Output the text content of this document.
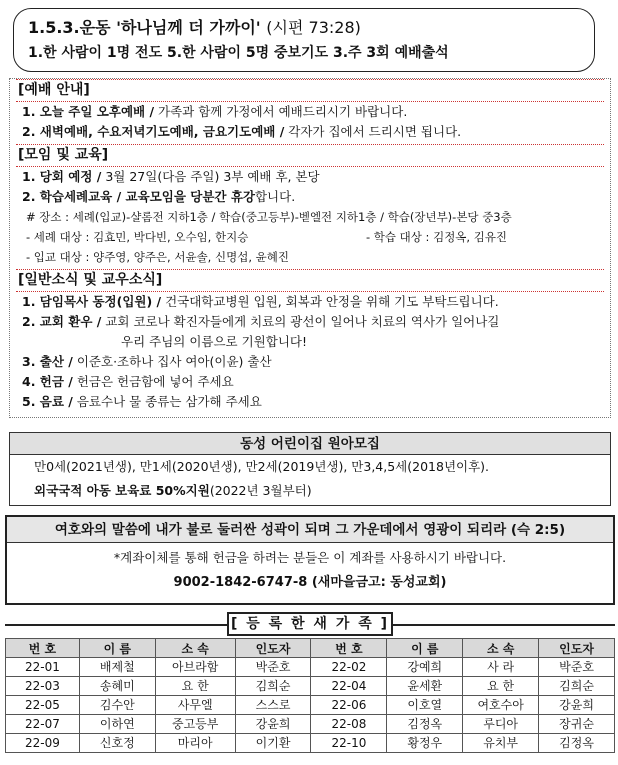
1.5.3.운동 '하나님께 더 가까이' (시편 73:28)
1.한 사람이 1명 전도 5.한 사람이 5명 중보기도 3.주 3회 예배출석
[예배 안내]
1. 오늘 주일 오후예배 / 가족과 함께 가정에서 예배드리시기 바랍니다.
2. 새벽예배, 수요저녁기도예배, 금요기도예배 / 각자가 집에서 드리시면 됩니다.
[모임 및 교육]
1. 당회 예정 / 3월 27일(다음 주일) 3부 예배 후, 본당
2. 학습세례교육 / 교육모임을 당분간 휴강합니다.
# 장소 : 세례(입교)-샬롬전 지하1층 / 학습(중고등부)-벧엘전 지하1층 / 학습(장년부)-본당 중3층
- 세례 대상 : 김효민, 박다빈, 오수임, 한지승	- 학습 대상 : 김정옥, 김유진
- 입교 대상 : 양주영, 양주은, 서윤솔, 신명섭, 윤혜진
[일반소식 및 교우소식]
1. 담임목사 동정(입원) / 건국대학교병원 입원, 회복과 안정을 위해 기도 부탁드립니다.
2. 교회 환우 / 교회 코로나 확진자들에게 치료의 광선이 일어나 치료의 역사가 일어나길
우리 주님의 이름으로 기원합니다!
3. 출산 / 이준호·조하나 집사 여아(이윤) 출산
4. 헌금 / 헌금은 헌금함에 넣어 주세요
5. 음료 / 음료수나 물 종류는 삼가해 주세요
동성 어린이집 원아모집
만0세(2021년생), 만1세(2020년생), 만2세(2019년생), 만3,4,5세(2018년이후).
외국국적 아동 보육료 50%지원(2022년 3월부터)
여호와의 말씀에 내가 불로 둘러싼 성곽이 되며 그 가운데에서 영광이 되리라 (슥 2:5)
*계좌이체를 통해 헌금을 하려는 분들은 이 계좌를 사용하시기 바랍니다.
9002-1842-6747-8 (새마을금고: 동성교회)
[ 등 록 한 새 가 족 ]
번 호	이 름	소 속	인도자	번 호	이 름	소 속	인도자
22-01	배제철	아브라함	박준호	22-02	강예희	사 라	박준호
22-03	송혜미	요 한	김희순	22-04	윤세환	요 한	김희순
22-05	김수안	사무엘	스스로	22-06	이호열	여호수아	강윤희
22-07	이하연	중고등부	강윤희	22-08	김정옥	루디아	장귀순
22-09	신호정	마리아	이기환	22-10	황정우	유치부	김정옥
